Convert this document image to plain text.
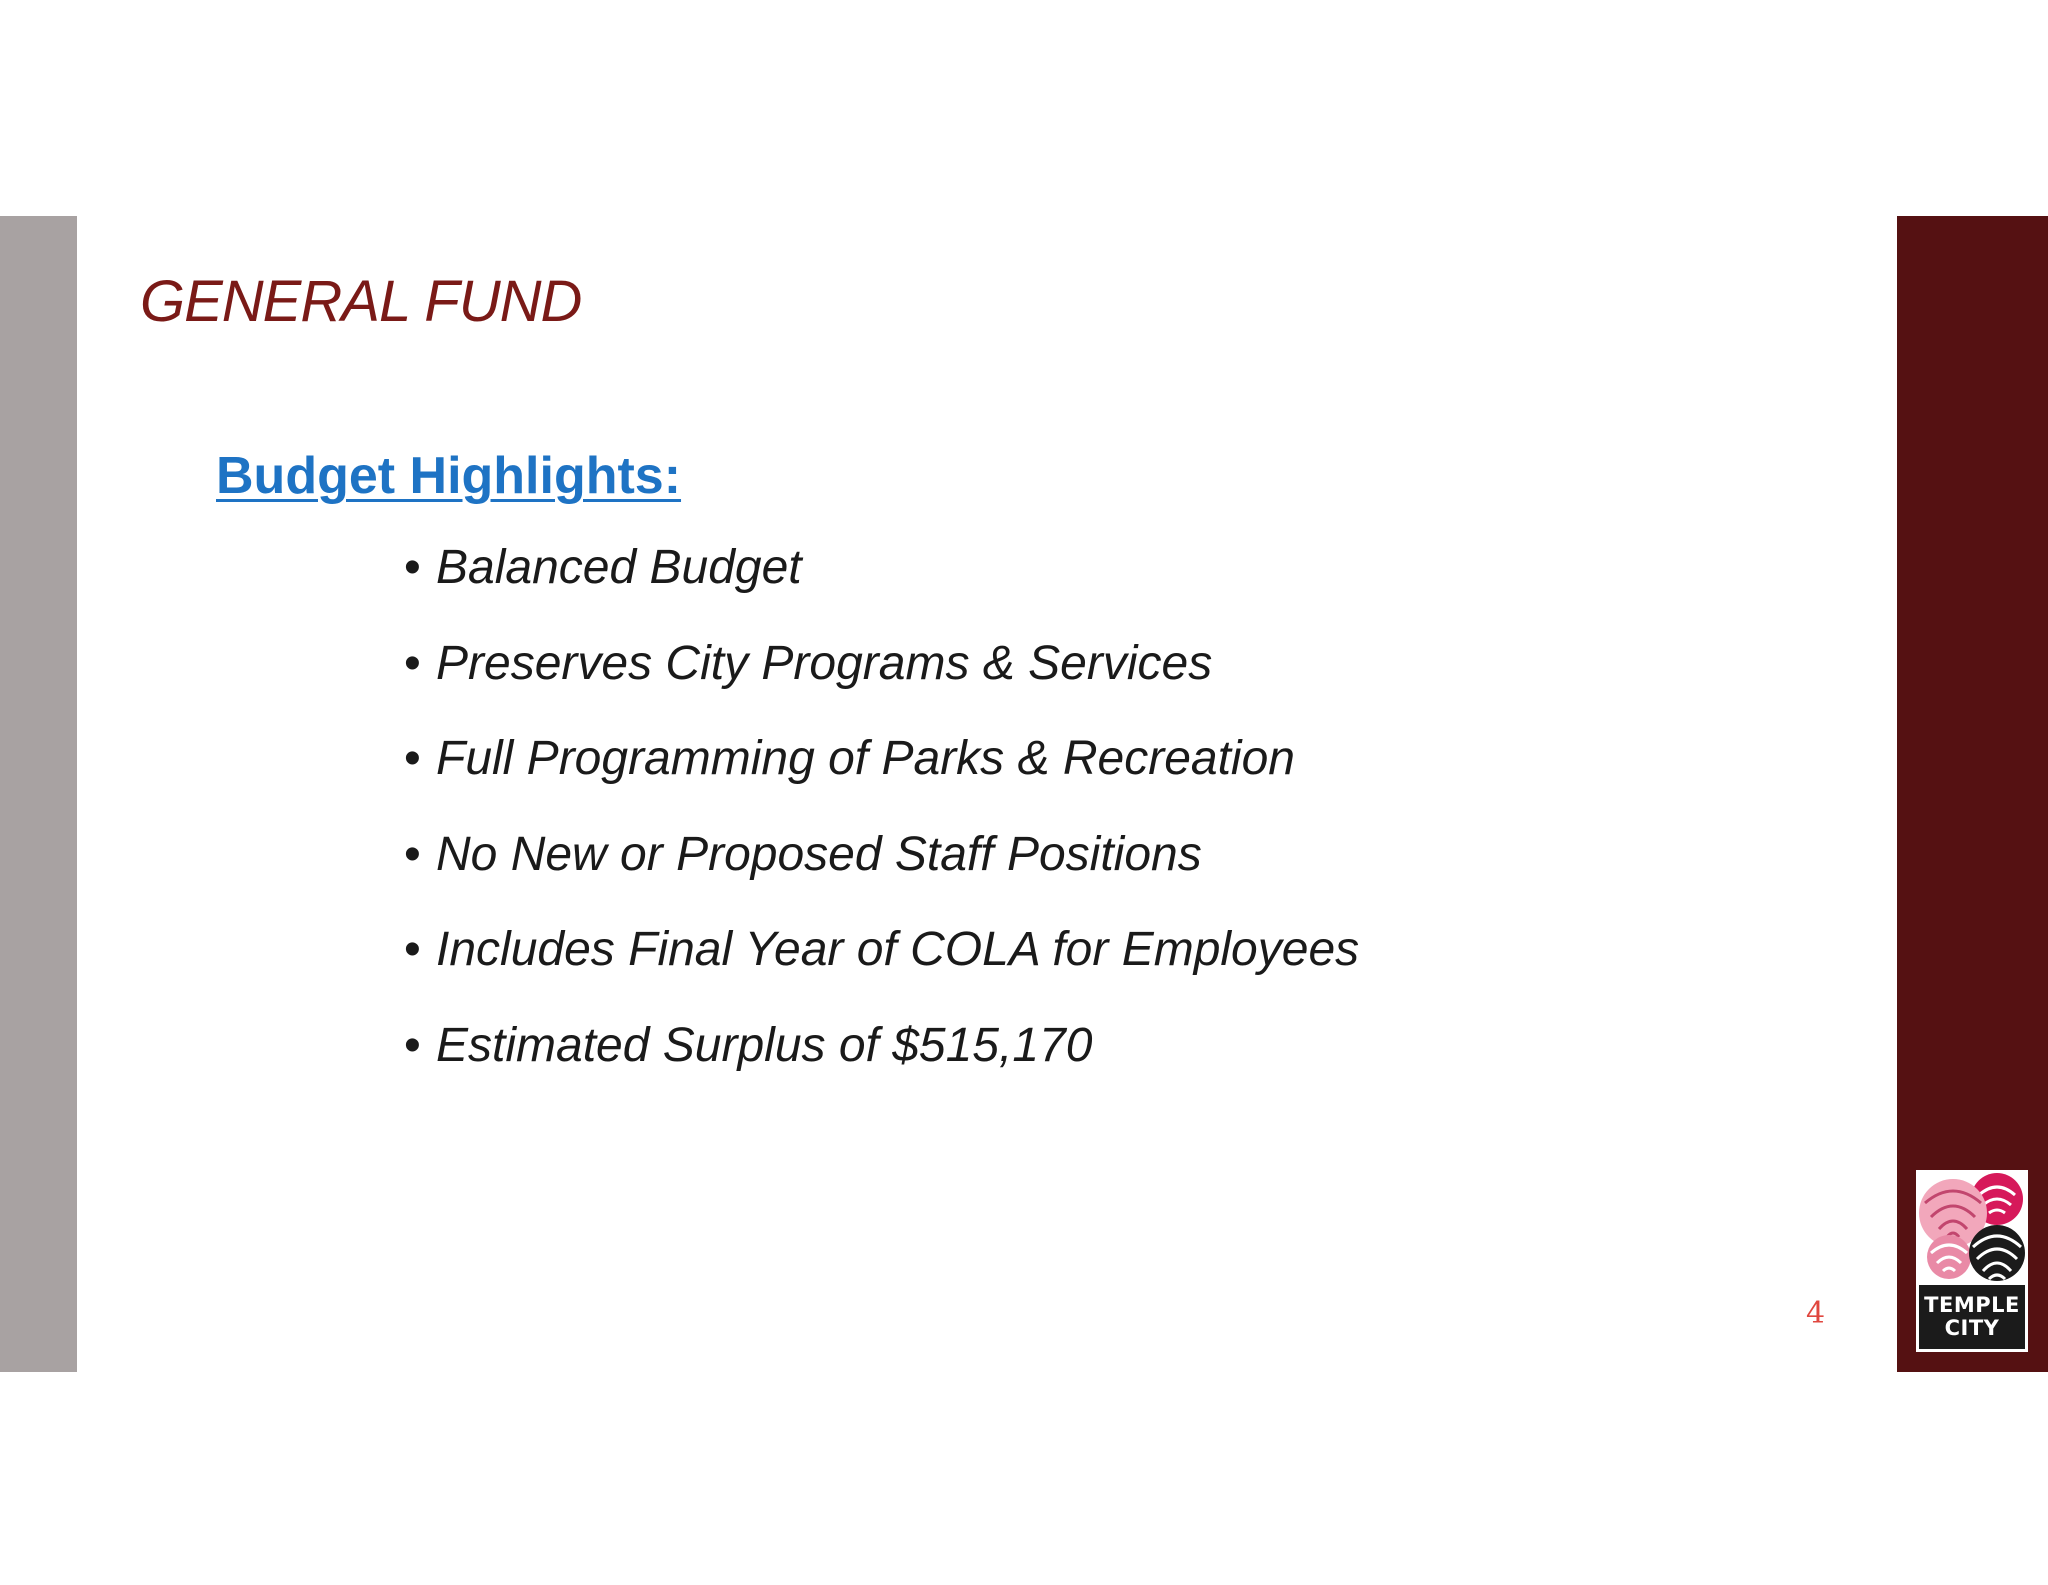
GENERAL FUND
Budget Highlights:
• Balanced Budget
• Preserves City Programs & Services
• Full Programming of Parks & Recreation
• No New or Proposed Staff Positions
• Includes Final Year of COLA for Employees
• Estimated Surplus of $515,170
4	TEMPLE
CITY
